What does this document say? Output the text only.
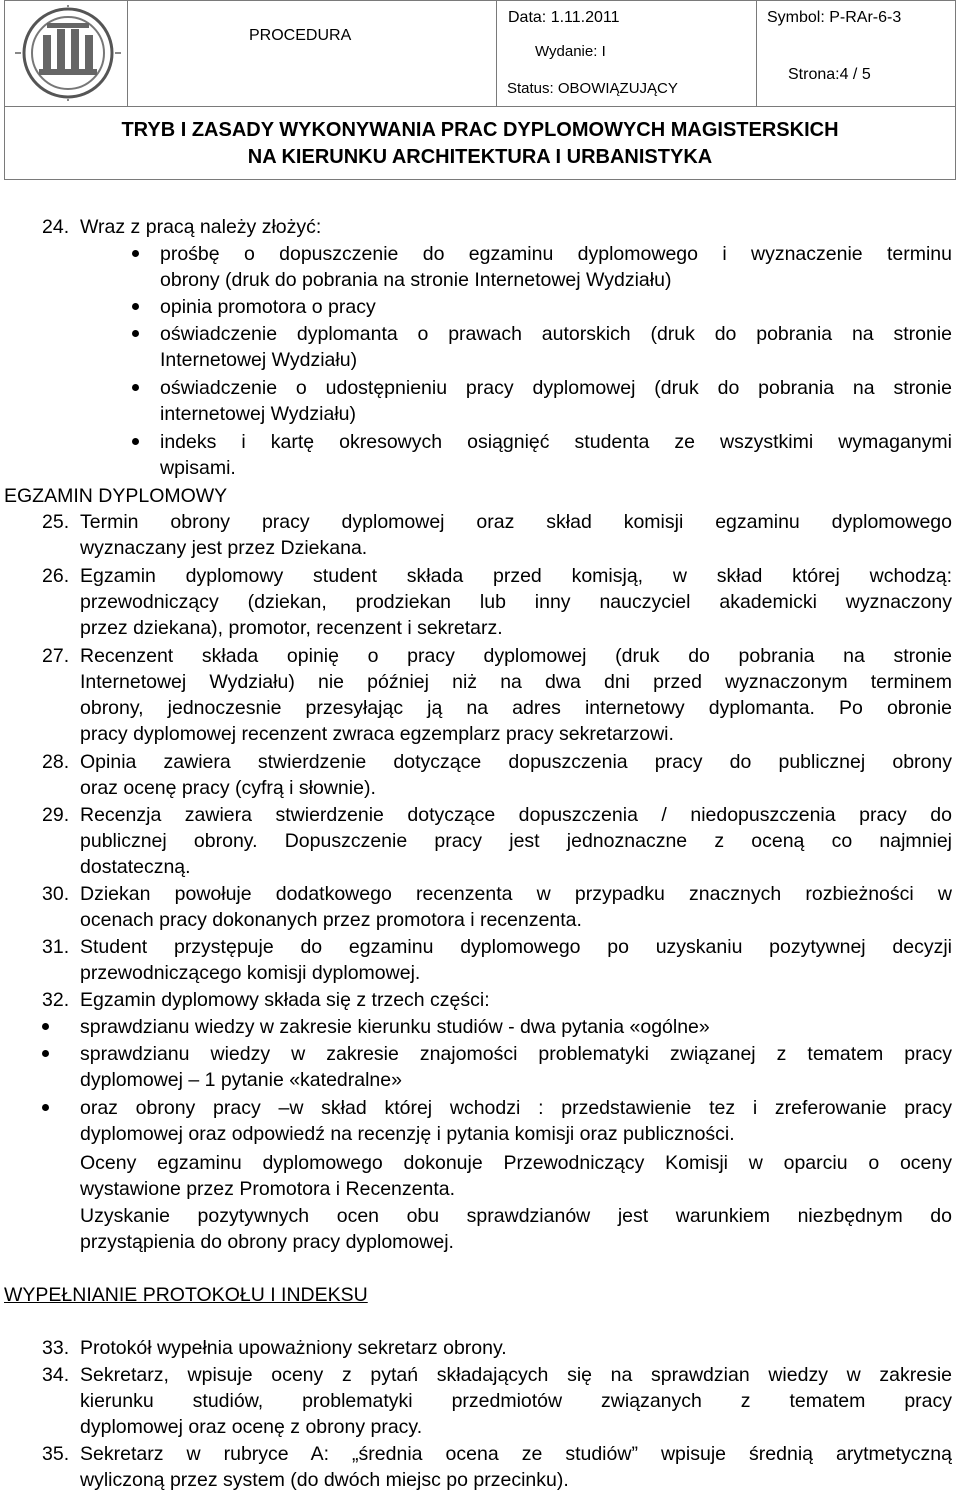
PROCEDURA
Data: 1.11.2011
Wydanie: I
Status: OBOWIĄZUJĄCY
Symbol: P-RAr-6-3
Strona:4 / 5
TRYB I ZASADY WYKONYWANIA PRAC DYPLOMOWYCH MAGISTERSKICH
NA KIERUNKU ARCHITEKTURA I URBANISTYKA
24. Wraz z pracą należy złożyć:
prośbę o dopuszczenie do egzaminu dyplomowego i wyznaczenie terminu
obrony (druk do pobrania na stronie Internetowej Wydziału)
opinia promotora o pracy
oświadczenie dyplomanta o prawach autorskich (druk do pobrania na stronie
Internetowej Wydziału)
oświadczenie o udostępnieniu pracy dyplomowej (druk do pobrania na stronie
internetowej Wydziału)
indeks i kartę okresowych osiągnięć studenta ze wszystkimi wymaganymi
wpisami.
EGZAMIN DYPLOMOWY
25. Termin obrony pracy dyplomowej oraz skład komisji egzaminu dyplomowego
wyznaczany jest przez Dziekana.
26. Egzamin dyplomowy student składa przed komisją, w skład której wchodzą:
przewodniczący (dziekan, prodziekan lub inny nauczyciel akademicki wyznaczony
przez dziekana), promotor, recenzent i sekretarz.
27. Recenzent składa opinię o pracy dyplomowej (druk do pobrania na stronie
Internetowej Wydziału) nie później niż na dwa dni przed wyznaczonym terminem
obrony, jednoczesnie przesyłając ją na adres internetowy dyplomanta. Po obronie
pracy dyplomowej recenzent zwraca egzemplarz pracy sekretarzowi.
28. Opinia zawiera stwierdzenie dotyczące dopuszczenia pracy do publicznej obrony
oraz ocenę pracy (cyfrą i słownie).
29. Recenzja zawiera stwierdzenie dotyczące dopuszczenia / niedopuszczenia pracy do
publicznej obrony. Dopuszczenie pracy jest jednoznaczne z oceną co najmniej
dostateczną.
30. Dziekan powołuje dodatkowego recenzenta w przypadku znacznych rozbieżności w
ocenach pracy dokonanych przez promotora i recenzenta.
31. Student przystępuje do egzaminu dyplomowego po uzyskaniu pozytywnej decyzji
przewodniczącego komisji dyplomowej.
32. Egzamin dyplomowy składa się z trzech części:
sprawdzianu wiedzy w zakresie kierunku studiów - dwa pytania «ogólne»
sprawdzianu wiedzy w zakresie znajomości problematyki związanej z tematem pracy
dyplomowej – 1 pytanie «katedralne»
oraz obrony pracy –w skład której wchodzi : przedstawienie tez i zreferowanie pracy
dyplomowej oraz odpowiedź na recenzję i pytania komisji oraz publiczności.
Oceny egzaminu dyplomowego dokonuje Przewodniczący Komisji w oparciu o oceny
wystawione przez Promotora i Recenzenta.
Uzyskanie pozytywnych ocen obu sprawdzianów jest warunkiem niezbędnym do
przystąpienia do obrony pracy dyplomowej.
WYPEŁNIANIE PROTOKOŁU I INDEKSU
33. Protokół wypełnia upoważniony sekretarz obrony.
34. Sekretarz, wpisuje oceny z pytań składających się na sprawdzian wiedzy w zakresie
kierunku studiów, problematyki przedmiotów związanych z tematem pracy
dyplomowej oraz ocenę z obrony pracy.
35. Sekretarz w rubryce A: „średnia ocena ze studiów” wpisuje średnią arytmetyczną
wyliczoną przez system (do dwóch miejsc po przecinku).
